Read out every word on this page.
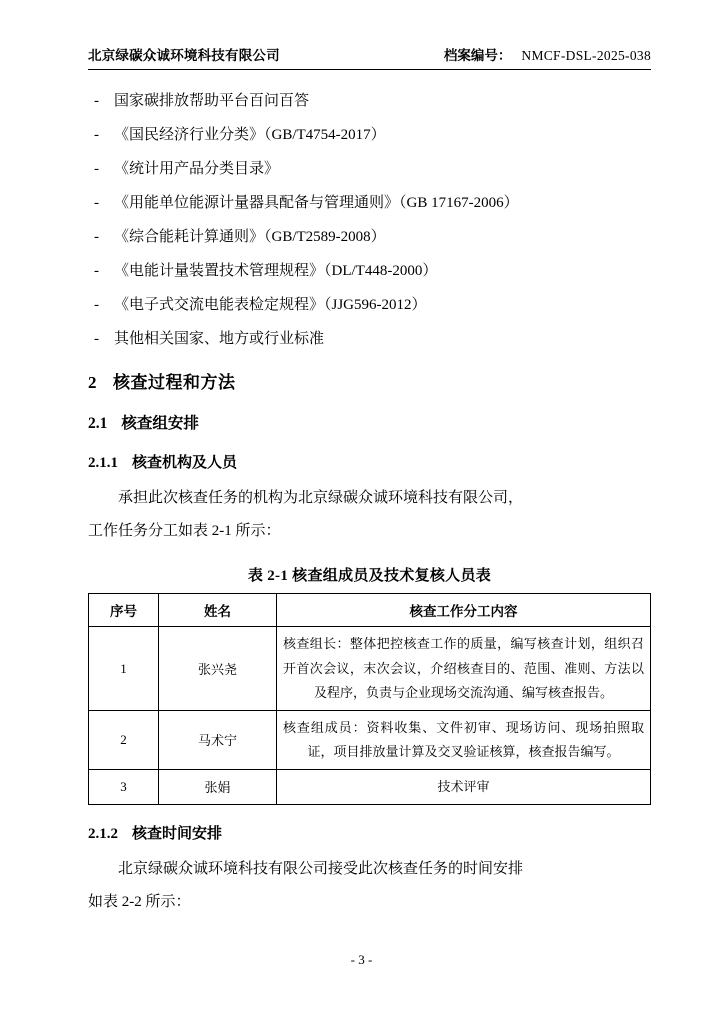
北京绿碳众诚环境科技有限公司	档案编号： NMCF-DSL-2025-038
-	国家碳排放帮助平台百问百答
-	《国民经济行业分类》（GB/T4754-2017）
-	《统计用产品分类目录》
-	《用能单位能源计量器具配备与管理通则》（GB 17167-2006）
-	《综合能耗计算通则》（GB/T2589-2008）
-	《电能计量装置技术管理规程》（DL/T448-2000）
-	《电子式交流电能表检定规程》（JJG596-2012）
-	其他相关国家、地方或行业标准
2 核查过程和方法
2.1 核查组安排
2.1.1 核查机构及人员

承担此次核查任务的机构为北京绿碳众诚环境科技有限公司，

工作任务分工如表 2-1 所示：

表 2-1 核查组成员及技术复核人员表
序号	姓名	核查工作分工内容
1	张兴尧	核查组长：整体把控核查工作的质量，编写核查计划，组织召开首次会议，末次会议，介绍核查目的、范围、准则、方法以及程序，负责与企业现场交流沟通、编写核查报告。
2	马术宁	核查组成员：资料收集、文件初审、现场访问、现场拍照取证，项目排放量计算及交叉验证核算，核查报告编写。
3	张娟	技术评审
2.1.2 核查时间安排

北京绿碳众诚环境科技有限公司接受此次核查任务的时间安排

如表 2-2 所示：

- 3 -
